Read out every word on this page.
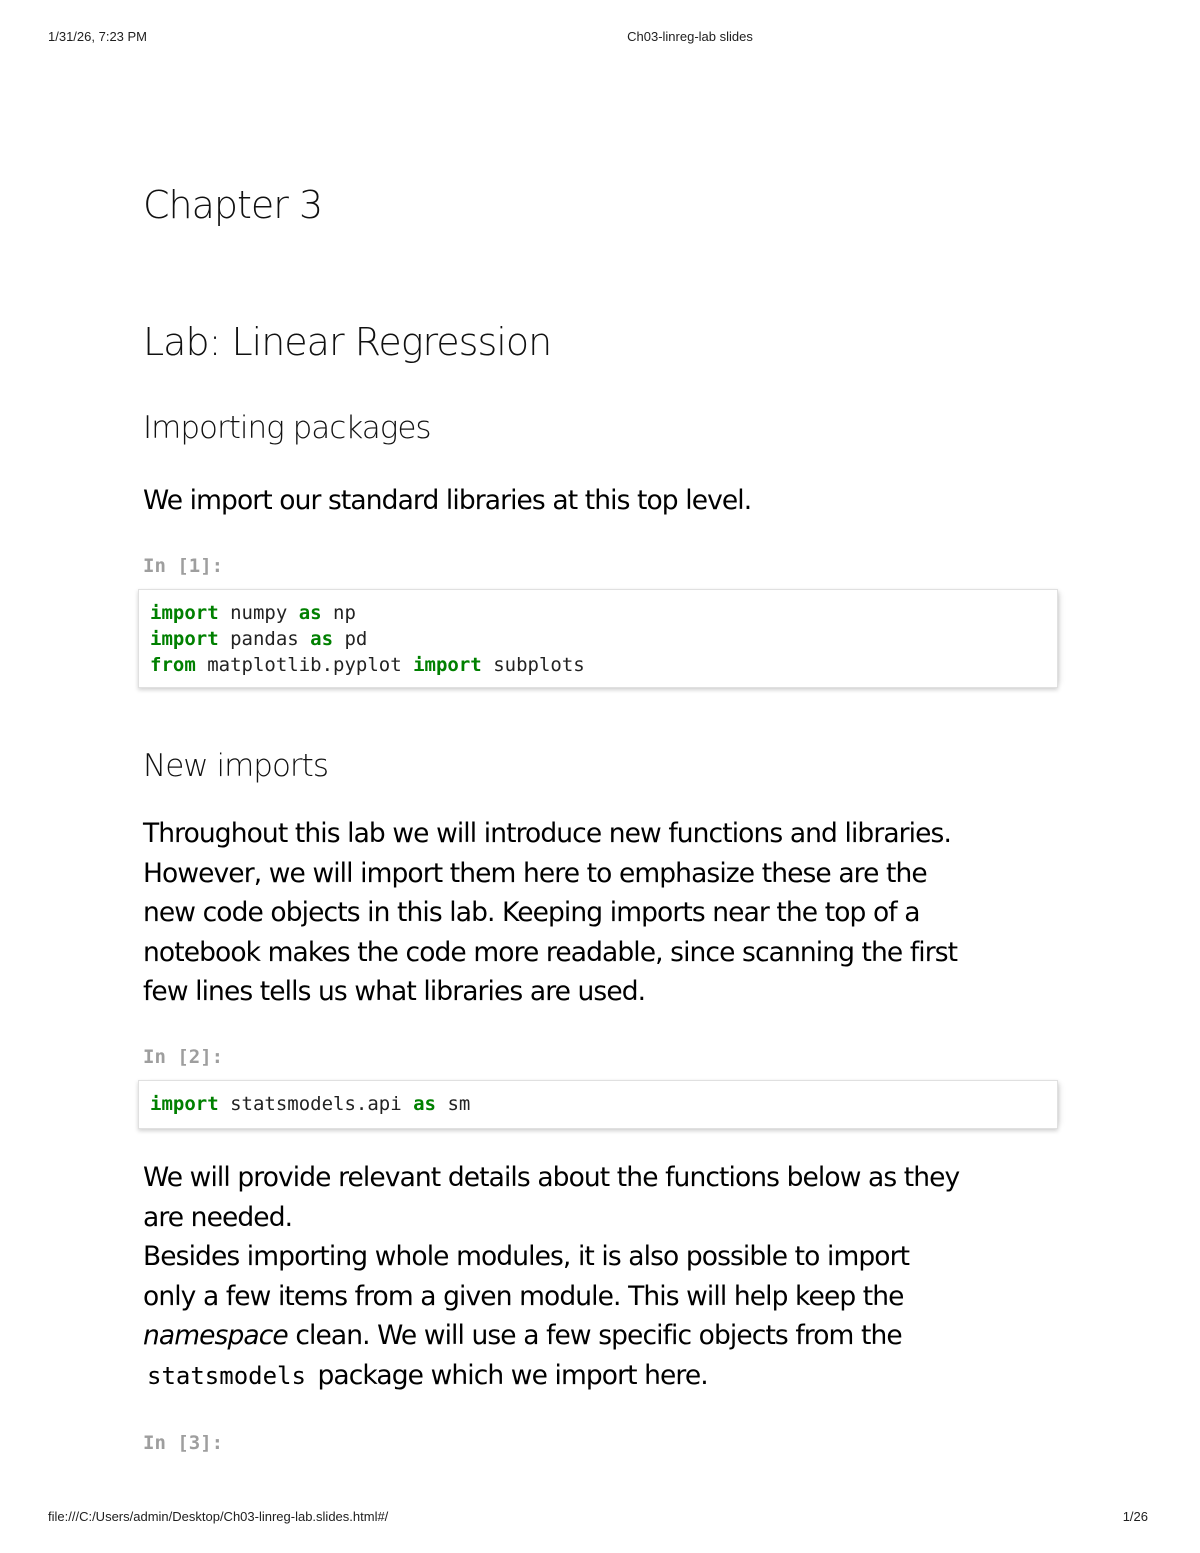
1/31/26, 7:23 PM	Ch03-linreg-lab slides
Chapter 3
Lab: Linear Regression
Importing packages

We import our standard libraries at this top level.

In [1]:
import numpy as np
import pandas as pd
from matplotlib.pyplot import subplots
New imports

Throughout this lab we will introduce new functions and libraries.

However, we will import them here to emphasize these are the

new code objects in this lab. Keeping imports near the top of a

notebook makes the code more readable, since scanning the first

few lines tells us what libraries are used.

In [2]:
import statsmodels.api as sm

We will provide relevant details about the functions below as they

are needed.

Besides importing whole modules, it is also possible to import

only a few items from a given module. This will help keep the

namespace clean. We will use a few specific objects from the

statsmodels package which we import here.

In [3]:
file:///C:/Users/admin/Desktop/Ch03-linreg-lab.slides.html#/	1/26
